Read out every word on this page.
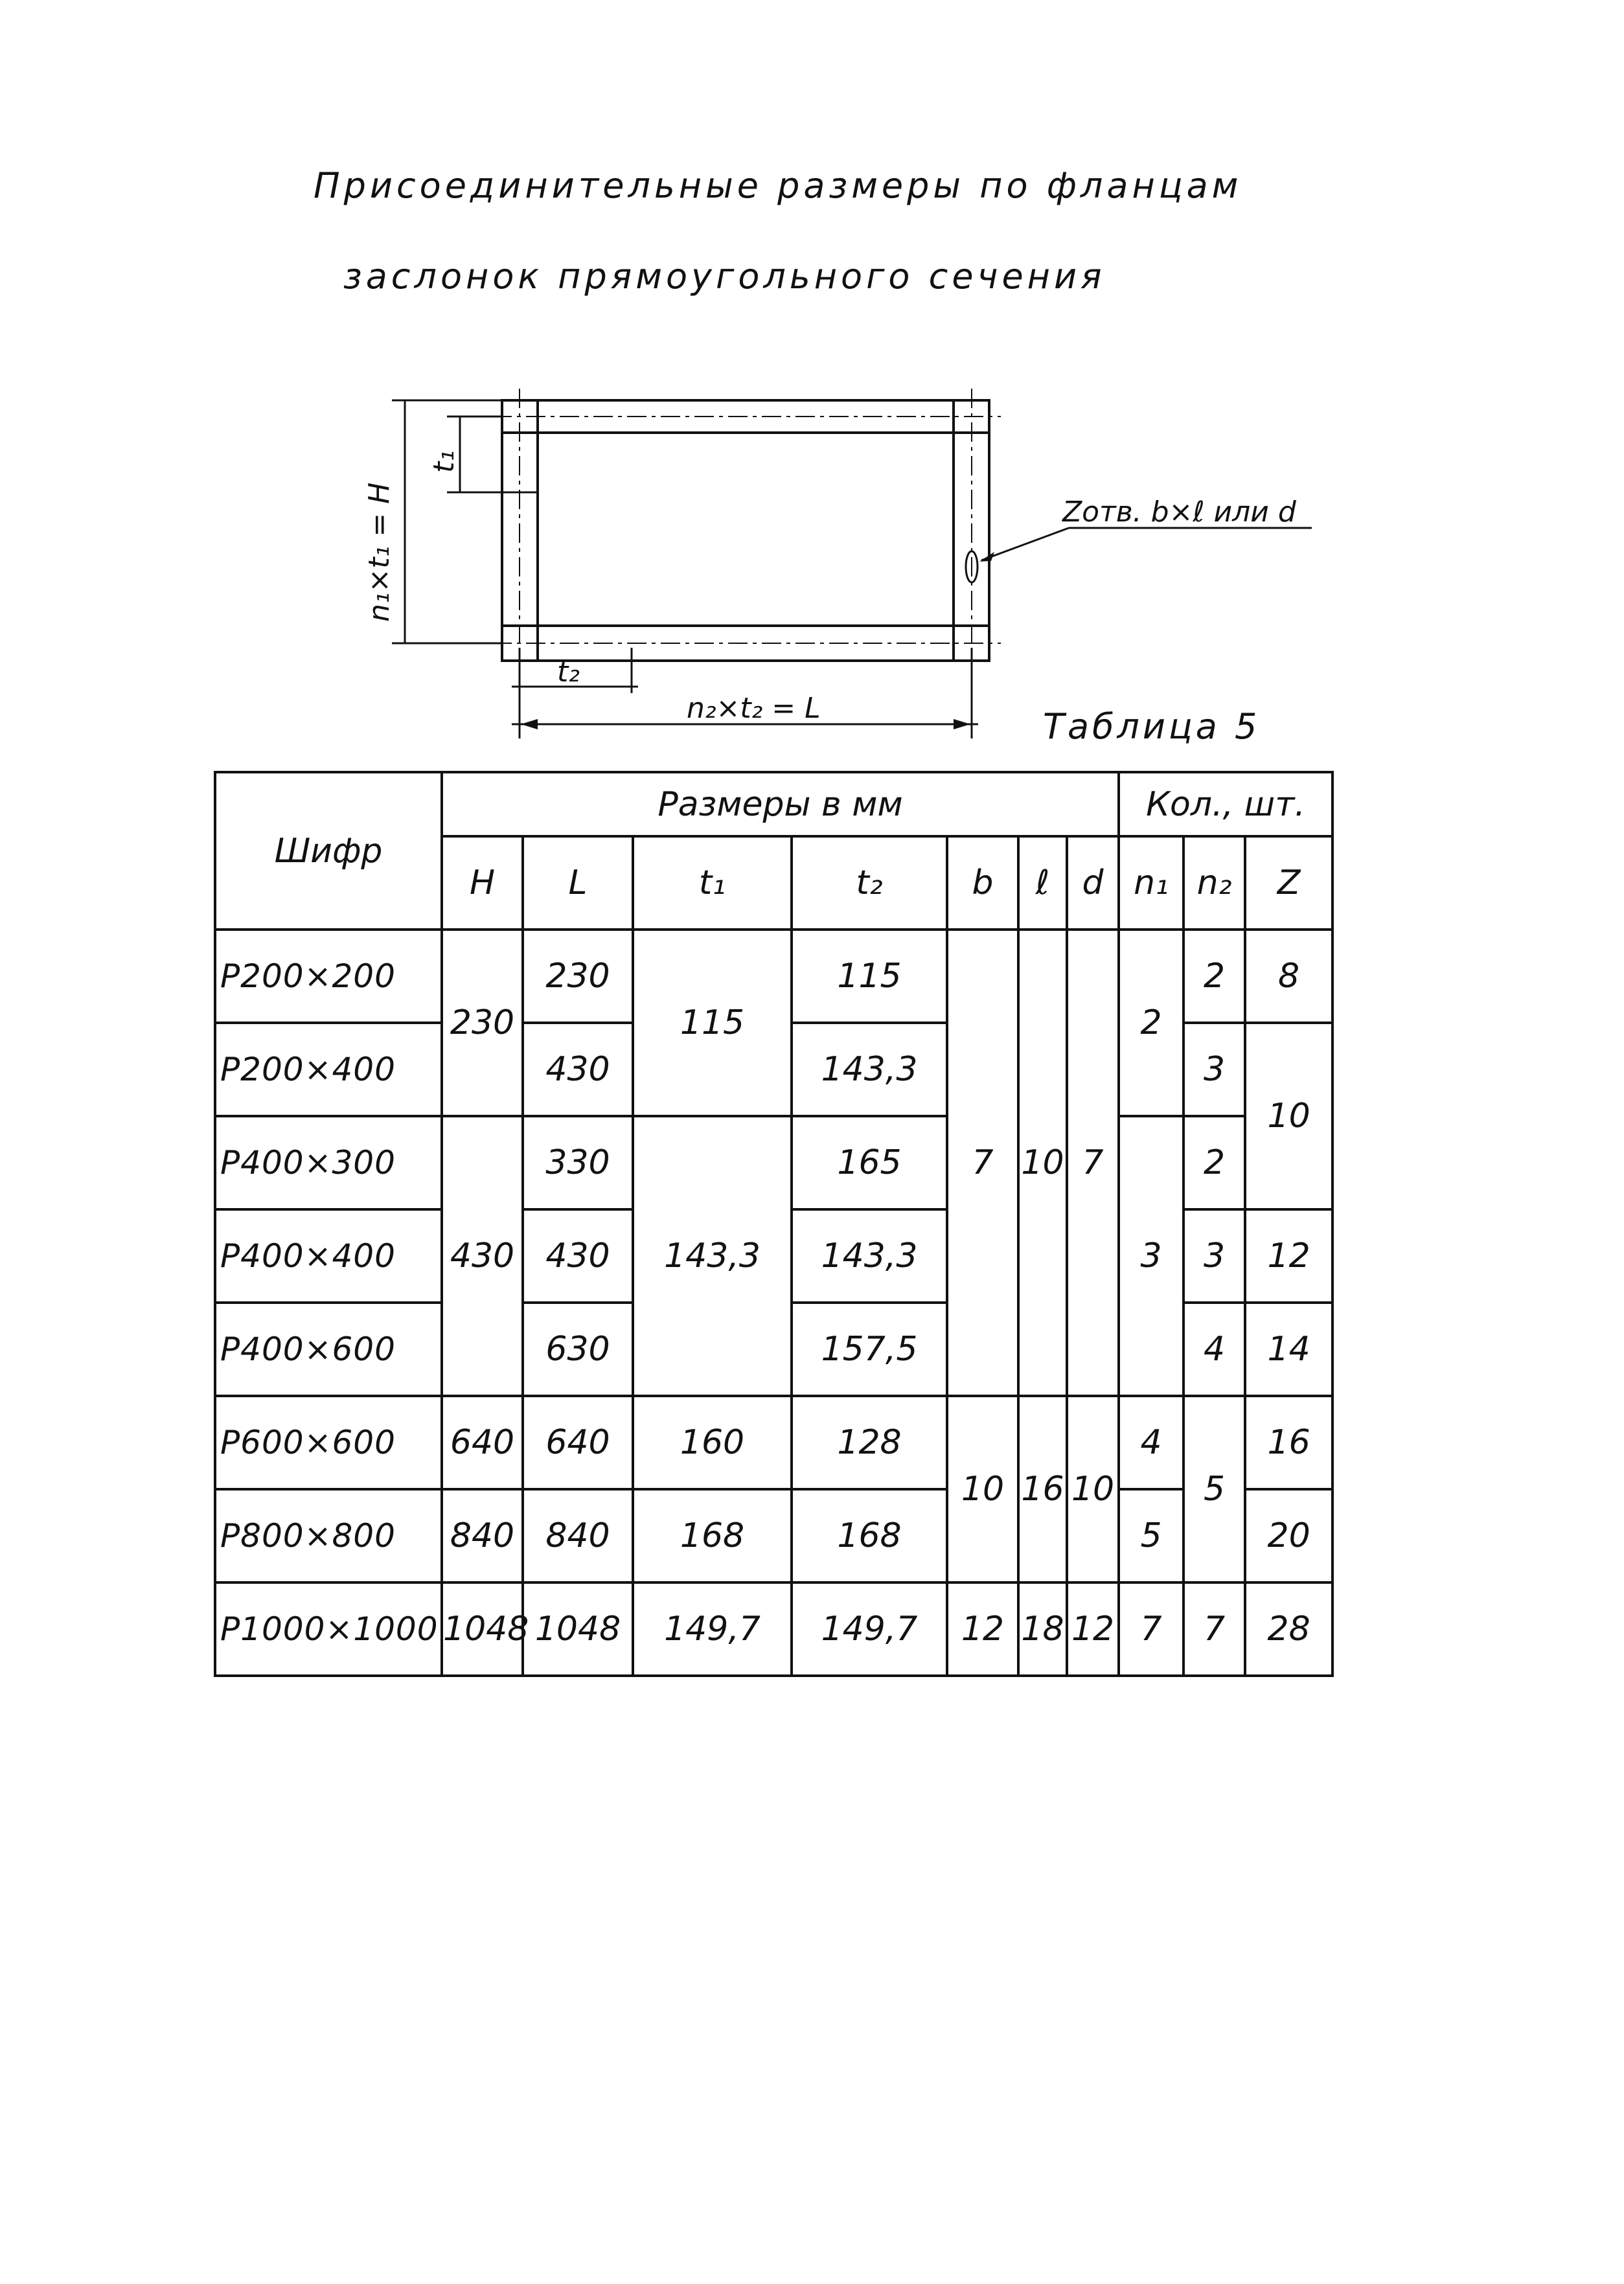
Присоединительные размеры по фланцам
заслонок прямоугольного сечения
Zотв. b×ℓ или d
n₁×t₁ = H
t₁
t₂
n₂×t₂ = L	Таблица 5
Шифр	Размеры в мм							Кол., шт.		
	H	L	t₁	t₂	b	ℓ	d	n₁	n₂	Z
Р200×200	230	230	115	115	7	10	7	2	2	8
Р200×400		430		143,3					3	10
Р400×300	430	330	143,3	165				3	2	
Р400×400		430		143,3					3	12
Р400×600		630		157,5					4	14
Р600×600	640	640	160	128	10	16	10	4	5	16
Р800×800	840	840	168	168				5		20
Р1000×1000	1048	1048	149,7	149,7	12	18	12	7	7	28
